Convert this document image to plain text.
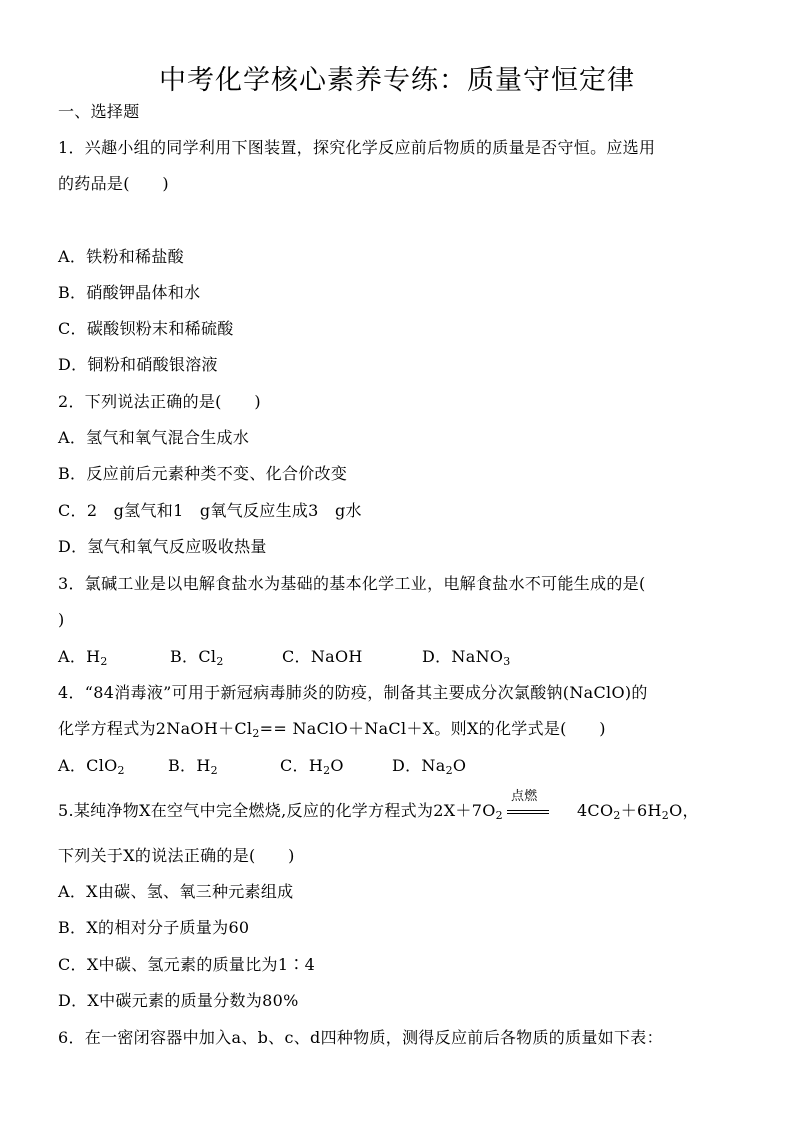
中考化学核心素养专练：质量守恒定律
一、选择题
1．兴趣小组的同学利用下图装置，探究化学反应前后物质的质量是否守恒。应选用
的药品是(　　)
A．铁粉和稀盐酸
B．硝酸钾晶体和水
C．碳酸钡粉末和稀硫酸
D．铜粉和硝酸银溶液
2．下列说法正确的是(　　)
A．氢气和氧气混合生成水
B．反应前后元素种类不变、化合价改变
C．2　g氢气和1　g氧气反应生成3　g水
D．氢气和氧气反应吸收热量
3．氯碱工业是以电解食盐水为基础的基本化学工业，电解食盐水不可能生成的是(
)
A．$H_2$	B．$Cl_2$	C．NaOH	D．NaNO$_3$
4．“84消毒液”可用于新冠病毒肺炎的防疫，制备其主要成分次氯酸钠(NaClO)的
化学方程式为$2NaOH+Cl_2==$ NaClO＋NaCl＋X。则X的化学式是(　　)
A．ClO$_2$	B．$H_2$	C．$H_2O$	D．$Na_2O$
5.某纯净物X在空气中完全燃烧,反应的化学方程式为$2X+7O_2$
点燃
$4CO_2+6H_2O$，
下列关于X的说法正确的是(　　)
A．X由碳、氢、氧三种元素组成
B．X的相对分子质量为60
C．X中碳、氢元素的质量比为1∶4
D．X中碳元素的质量分数为80%
6．在一密闭容器中加入a、b、c、d四种物质，测得反应前后各物质的质量如下表：
